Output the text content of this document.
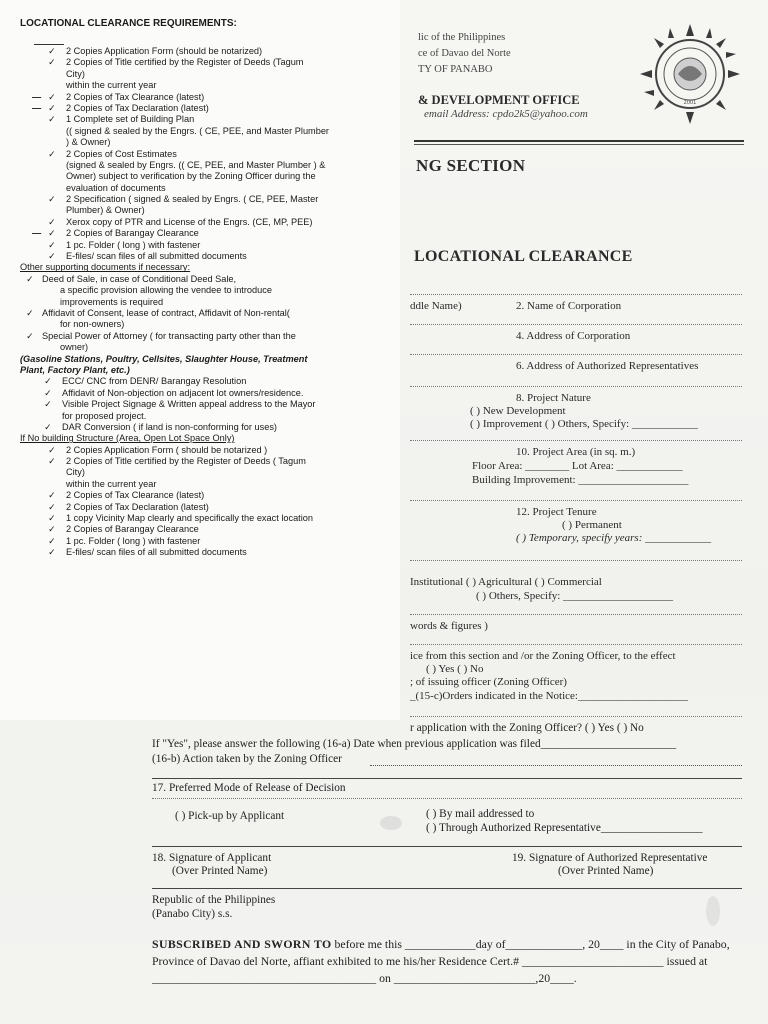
LOCATIONAL CLEARANCE REQUIREMENTS:
✓ 2 Copies Application Form (should be notarized)
✓ 2 Copies of Title certified by the Register of Deeds (Tagum
City)
within the current year
✓
—	2 Copies of Tax Clearance (latest)
✓
—	2 Copies of Tax Declaration (latest)
✓ 1 Complete set of Building Plan
(( signed & sealed by the Engrs. ( CE, PEE, and Master Plumber
) & Owner)
✓ 2 Copies of Cost Estimates
(signed & sealed by Engrs. (( CE, PEE, and Master Plumber ) &
Owner) subject to verification by the Zoning Officer during the
evaluation of documents
✓ 2 Specification ( signed & sealed by Engrs. ( CE, PEE, Master
Plumber) & Owner)
✓ Xerox copy of PTR and License of the Engrs. (CE, MP, PEE)
✓
—	2 Copies of Barangay Clearance
✓ 1 pc. Folder ( long ) with fastener
✓ E-files/ scan files of all submitted documents
Other supporting documents if necessary:
✓ Deed of Sale, in case of Conditional Deed Sale,
a specific provision allowing the vendee to introduce
improvements is required
✓ Affidavit of Consent, lease of contract, Affidavit of Non-rental(
for non-owners)
✓ Special Power of Attorney ( for transacting party other than the
owner)
(Gasoline Stations, Poultry, Cellsites, Slaughter House, Treatment
Plant, Factory Plant, etc.)
✓ ECC/ CNC from DENR/ Barangay Resolution
✓ Affidavit of Non-objection on adjacent lot owners/residence.
✓ Visible Project Signage & Written appeal address to the Mayor
for proposed project.
✓ DAR Conversion ( if land is non-conforming for uses)
If No building Structure (Area, Open Lot Space Only)
✓ 2 Copies Application Form ( should be notarized )
✓ 2 Copies of Title certified by the Register of Deeds ( Tagum
City)
within the current year
✓ 2 Copies of Tax Clearance (latest)
✓ 2 Copies of Tax Declaration (latest)
✓ 1 copy Vicinity Map clearly and specifically the exact location
✓ 2 Copies of Barangay Clearance
✓ 1 pc. Folder ( long ) with fastener
✓ E-files/ scan files of all submitted documents
lic of the Philippines
ce of Davao del Norte
TY OF PANABO
& DEVELOPMENT OFFICE
email Address: cpdo2k5@yahoo.com
2001
NG SECTION
LOCATIONAL CLEARANCE
ddle Name)	2. Name of Corporation
4. Address of Corporation
6. Address of Authorized Representatives
8. Project Nature
( ) New Development
( ) Improvement ( ) Others, Specify: ____________
10. Project Area (in sq. m.)
Floor Area: ________ Lot Area: ____________
Building Improvement: ____________________
12. Project Tenure
( ) Permanent
( ) Temporary, specify years: ____________
Institutional ( ) Agricultural ( ) Commercial
( ) Others, Specify: ____________________
words & figures )
ice from this section and /or the Zoning Officer, to the effect
( ) Yes ( ) No
; of issuing officer (Zoning Officer)
_(15-c)Orders indicated in the Notice:____________________
r application with the Zoning Officer? ( ) Yes ( ) No
If "Yes", please answer the following (16-a) Date when previous application was filed________________________
(16-b) Action taken by the Zoning Officer
17. Preferred Mode of Release of Decision
( ) Pick-up by Applicant	( ) By mail addressed to
( ) Through Authorized Representative__________________
18. Signature of Applicant
(Over Printed Name)
19. Signature of Authorized Representative
(Over Printed Name)
Republic of the Philippines
(Panabo City) s.s.
SUBSCRIBED AND SWORN TO before me this ____________day of_____________, 20____ in the City of Panabo, Province of Davao del Norte, affiant exhibited to me his/her Residence Cert.# ________________________ issued at ______________________________________ on ________________________,20____.
